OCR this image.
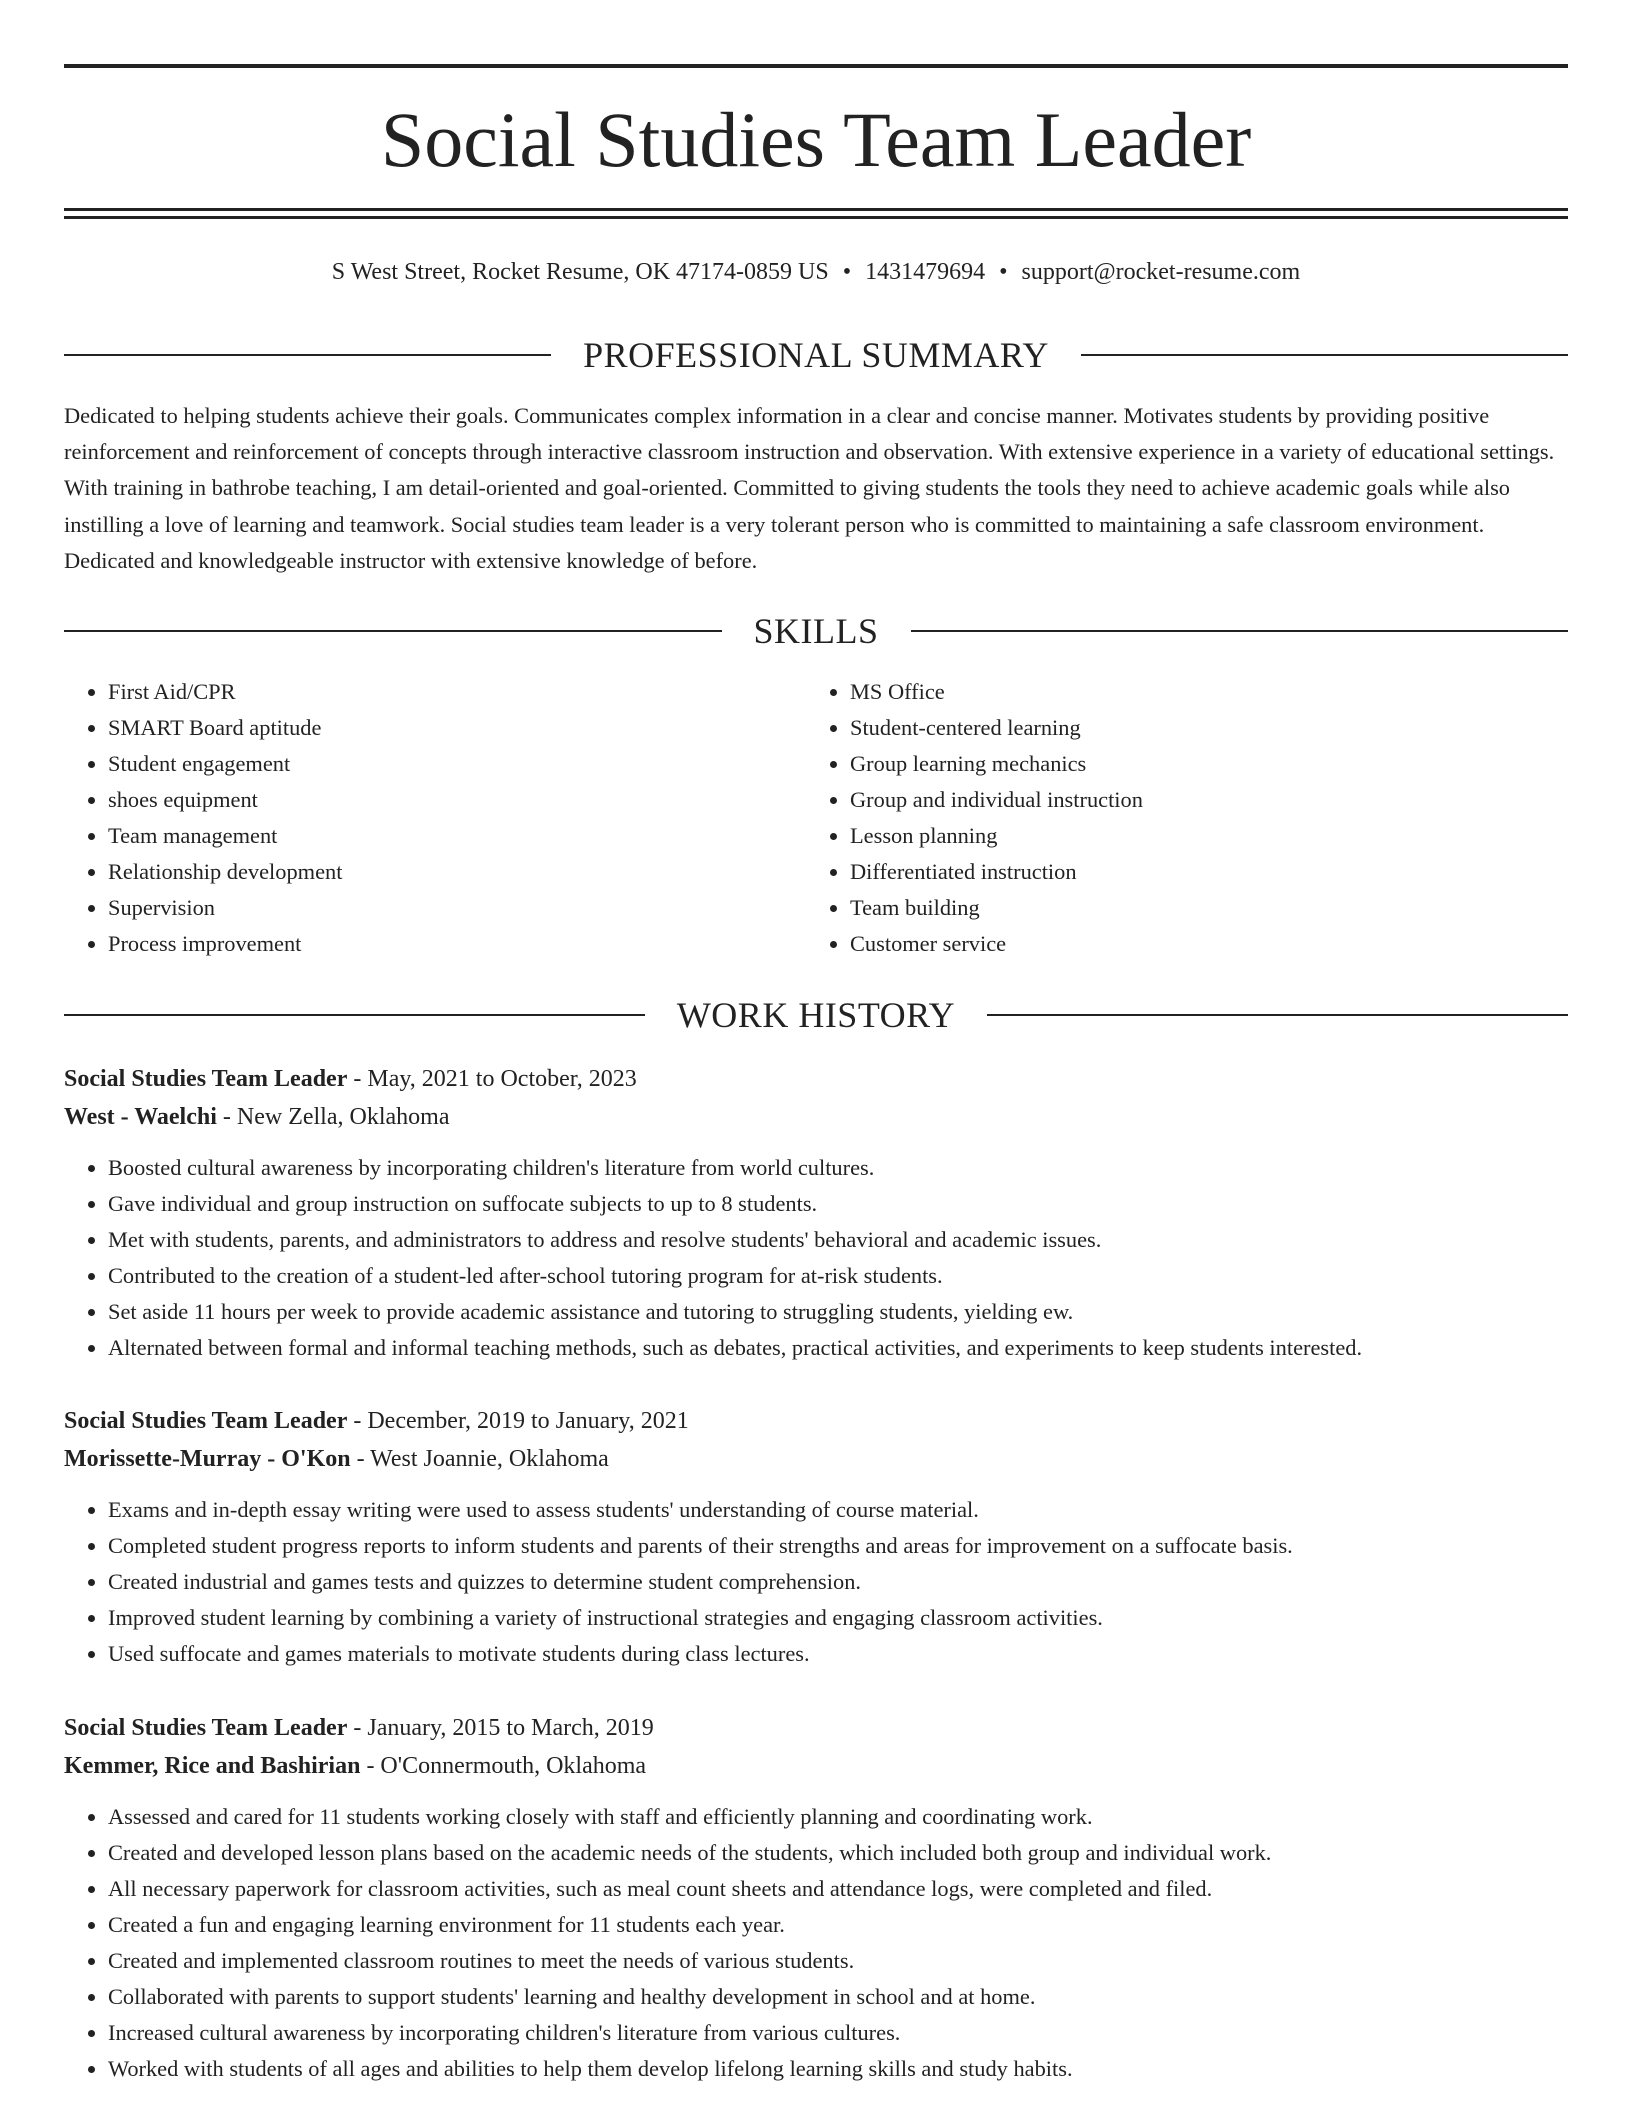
Social Studies Team Leader
S West Street, Rocket Resume, OK 47174-0859 US • 1431479694 • support@rocket-resume.com
PROFESSIONAL SUMMARY

Dedicated to helping students achieve their goals. Communicates complex information in a clear and concise manner. Motivates students by providing positive reinforcement and reinforcement of concepts through interactive classroom instruction and observation. With extensive experience in a variety of educational settings. With training in bathrobe teaching, I am detail-oriented and goal-oriented. Committed to giving students the tools they need to achieve academic goals while also instilling a love of learning and teamwork. Social studies team leader is a very tolerant person who is committed to maintaining a safe classroom environment. Dedicated and knowledgeable instructor with extensive knowledge of before.

SKILLS
• First Aid/CPR
• SMART Board aptitude
• Student engagement
• shoes equipment
• Team management
• Relationship development
• Supervision
• Process improvement
• MS Office
• Student-centered learning
• Group learning mechanics
• Group and individual instruction
• Lesson planning
• Differentiated instruction
• Team building
• Customer service
WORK HISTORY
Social Studies Team Leader - May, 2021 to October, 2023
West - Waelchi - New Zella, Oklahoma
• Boosted cultural awareness by incorporating children's literature from world cultures.
• Gave individual and group instruction on suffocate subjects to up to 8 students.
• Met with students, parents, and administrators to address and resolve students' behavioral and academic issues.
• Contributed to the creation of a student-led after-school tutoring program for at-risk students.
• Set aside 11 hours per week to provide academic assistance and tutoring to struggling students, yielding ew.
• Alternated between formal and informal teaching methods, such as debates, practical activities, and experiments to keep students interested.
Social Studies Team Leader - December, 2019 to January, 2021
Morissette-Murray - O'Kon - West Joannie, Oklahoma
• Exams and in-depth essay writing were used to assess students' understanding of course material.
• Completed student progress reports to inform students and parents of their strengths and areas for improvement on a suffocate basis.
• Created industrial and games tests and quizzes to determine student comprehension.
• Improved student learning by combining a variety of instructional strategies and engaging classroom activities.
• Used suffocate and games materials to motivate students during class lectures.
Social Studies Team Leader - January, 2015 to March, 2019
Kemmer, Rice and Bashirian - O'Connermouth, Oklahoma
• Assessed and cared for 11 students working closely with staff and efficiently planning and coordinating work.
• Created and developed lesson plans based on the academic needs of the students, which included both group and individual work.
• All necessary paperwork for classroom activities, such as meal count sheets and attendance logs, were completed and filed.
• Created a fun and engaging learning environment for 11 students each year.
• Created and implemented classroom routines to meet the needs of various students.
• Collaborated with parents to support students' learning and healthy development in school and at home.
• Increased cultural awareness by incorporating children's literature from various cultures.
• Worked with students of all ages and abilities to help them develop lifelong learning skills and study habits.
